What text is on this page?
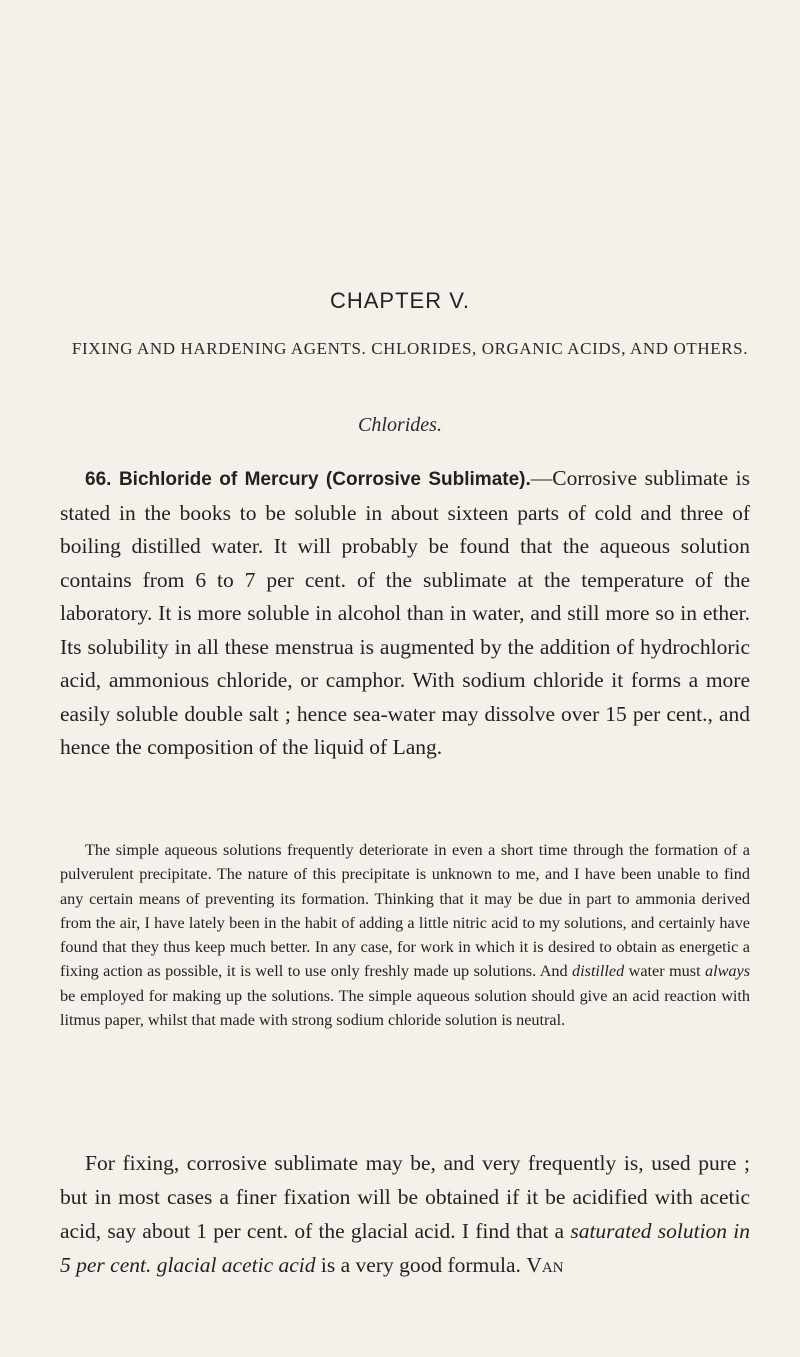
CHAPTER V.
FIXING AND HARDENING AGENTS. CHLORIDES, ORGANIC ACIDS, AND OTHERS.
Chlorides.

66. Bichloride of Mercury (Corrosive Sublimate).—Corrosive sublimate is stated in the books to be soluble in about sixteen parts of cold and three of boiling distilled water. It will probably be found that the aqueous solution contains from 6 to 7 per cent. of the sublimate at the temperature of the laboratory. It is more soluble in alcohol than in water, and still more so in ether. Its solubility in all these menstrua is augmented by the addition of hydrochloric acid, ammonious chloride, or camphor. With sodium chloride it forms a more easily soluble double salt ; hence sea-water may dissolve over 15 per cent., and hence the composition of the liquid of Lang.

The simple aqueous solutions frequently deteriorate in even a short time through the formation of a pulverulent precipitate. The nature of this precipitate is unknown to me, and I have been unable to find any certain means of preventing its formation. Thinking that it may be due in part to ammonia derived from the air, I have lately been in the habit of adding a little nitric acid to my solutions, and certainly have found that they thus keep much better. In any case, for work in which it is desired to obtain as energetic a fixing action as possible, it is well to use only freshly made up solutions. And distilled water must always be employed for making up the solutions. The simple aqueous solution should give an acid reaction with litmus paper, whilst that made with strong sodium chloride solution is neutral.

For fixing, corrosive sublimate may be, and very frequently is, used pure ; but in most cases a finer fixation will be obtained if it be acidified with acetic acid, say about 1 per cent. of the glacial acid. I find that a saturated solution in 5 per cent. glacial acetic acid is a very good formula. Van
